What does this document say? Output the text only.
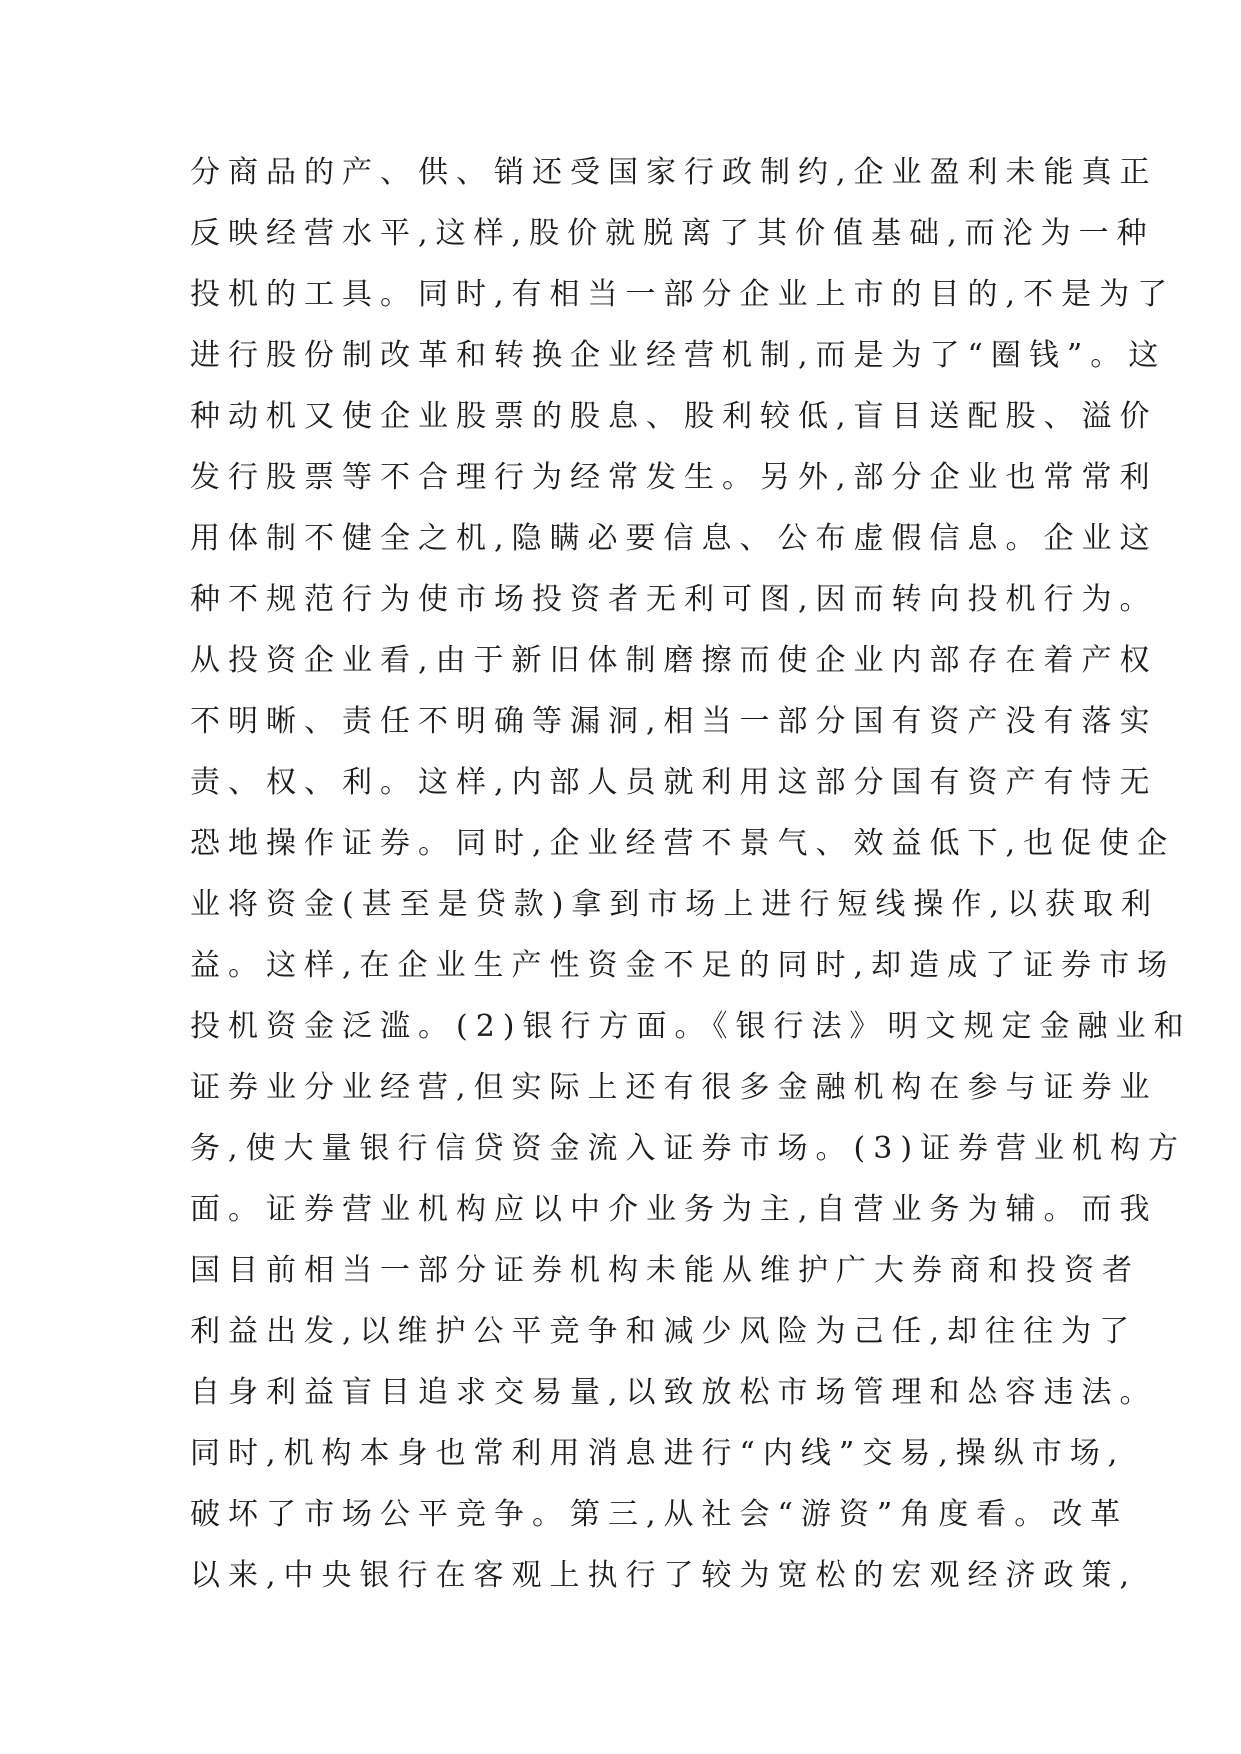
分商品的产、供、销还受国家行政制约,企业盈利未能真正
反映经营水平,这样,股价就脱离了其价值基础,而沦为一种
投机的工具。同时,有相当一部分企业上市的目的,不是为了
进行股份制改革和转换企业经营机制,而是为了“圈钱”。这
种动机又使企业股票的股息、股利较低,盲目送配股、溢价
发行股票等不合理行为经常发生。另外,部分企业也常常利
用体制不健全之机,隐瞒必要信息、公布虚假信息。企业这
种不规范行为使市场投资者无利可图,因而转向投机行为。
从投资企业看,由于新旧体制磨擦而使企业内部存在着产权
不明晰、责任不明确等漏洞,相当一部分国有资产没有落实
责、权、利。这样,内部人员就利用这部分国有资产有恃无
恐地操作证券。同时,企业经营不景气、效益低下,也促使企
业将资金(甚至是贷款)拿到市场上进行短线操作,以获取利
益。这样,在企业生产性资金不足的同时,却造成了证券市场
投机资金泛滥。(2)银行方面。《银行法》明文规定金融业和
证券业分业经营,但实际上还有很多金融机构在参与证券业
务,使大量银行信贷资金流入证券市场。(3)证券营业机构方
面。证券营业机构应以中介业务为主,自营业务为辅。而我
国目前相当一部分证券机构未能从维护广大券商和投资者
利益出发,以维护公平竞争和减少风险为己任,却往往为了
自身利益盲目追求交易量,以致放松市场管理和怂容违法。
同时,机构本身也常利用消息进行“内线”交易,操纵市场,
破坏了市场公平竞争。第三,从社会“游资”角度看。改革
以来,中央银行在客观上执行了较为宽松的宏观经济政策,
